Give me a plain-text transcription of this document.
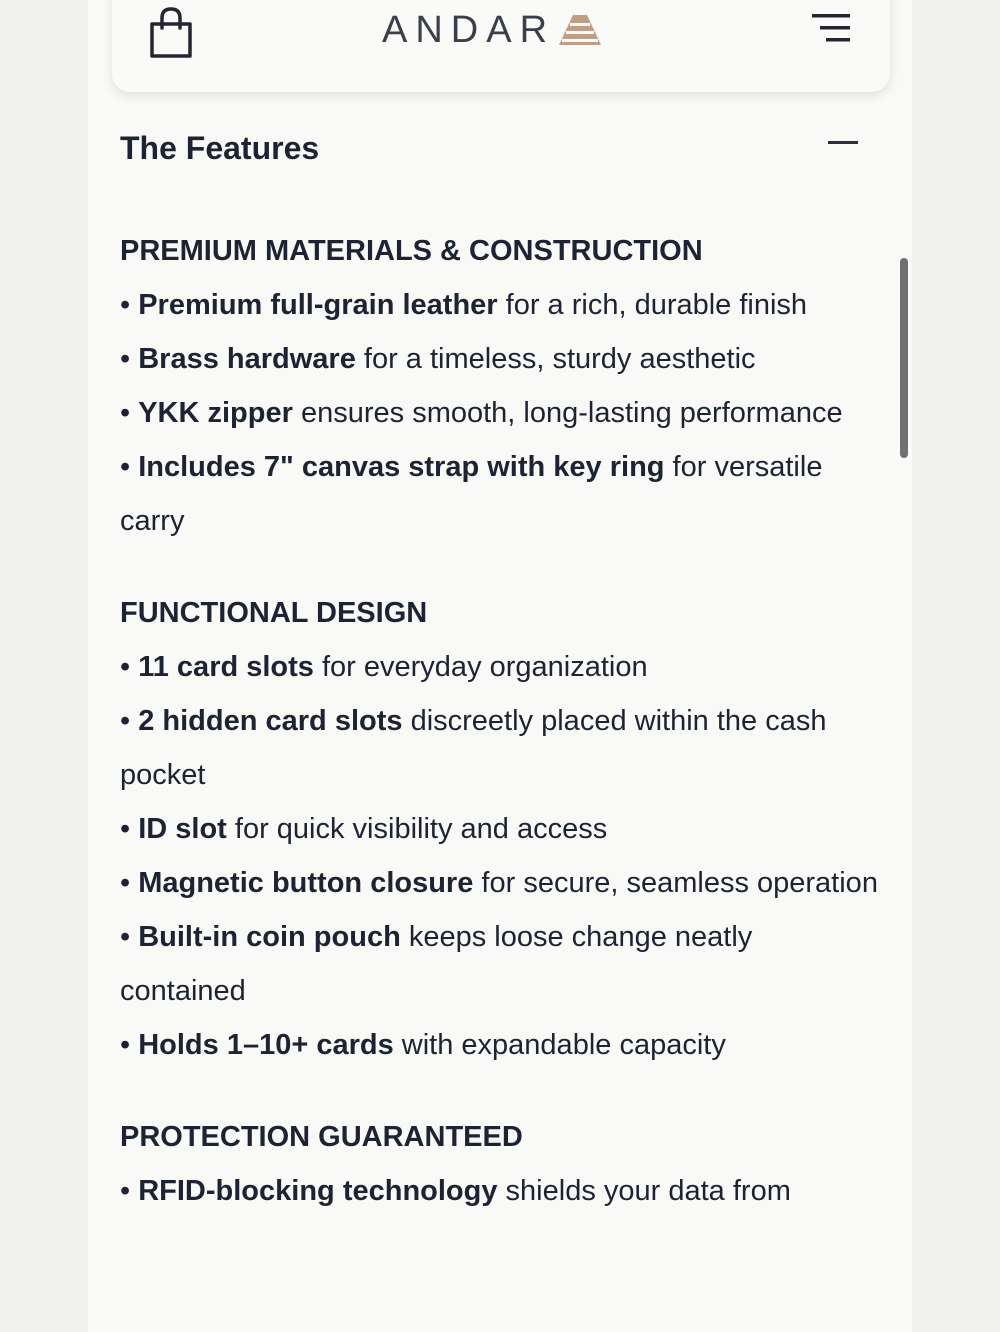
ANDAR
The Features
PREMIUM MATERIALS & CONSTRUCTION
• Premium full-grain leather for a rich, durable finish
• Brass hardware for a timeless, sturdy aesthetic
• YKK zipper ensures smooth, long-lasting performance
• Includes 7" canvas strap with key ring for versatile carry
FUNCTIONAL DESIGN
• 11 card slots for everyday organization
• 2 hidden card slots discreetly placed within the cash pocket
• ID slot for quick visibility and access
• Magnetic button closure for secure, seamless operation
• Built-in coin pouch keeps loose change neatly contained
• Holds 1–10+ cards with expandable capacity
PROTECTION GUARANTEED
• RFID-blocking technology shields your data from
